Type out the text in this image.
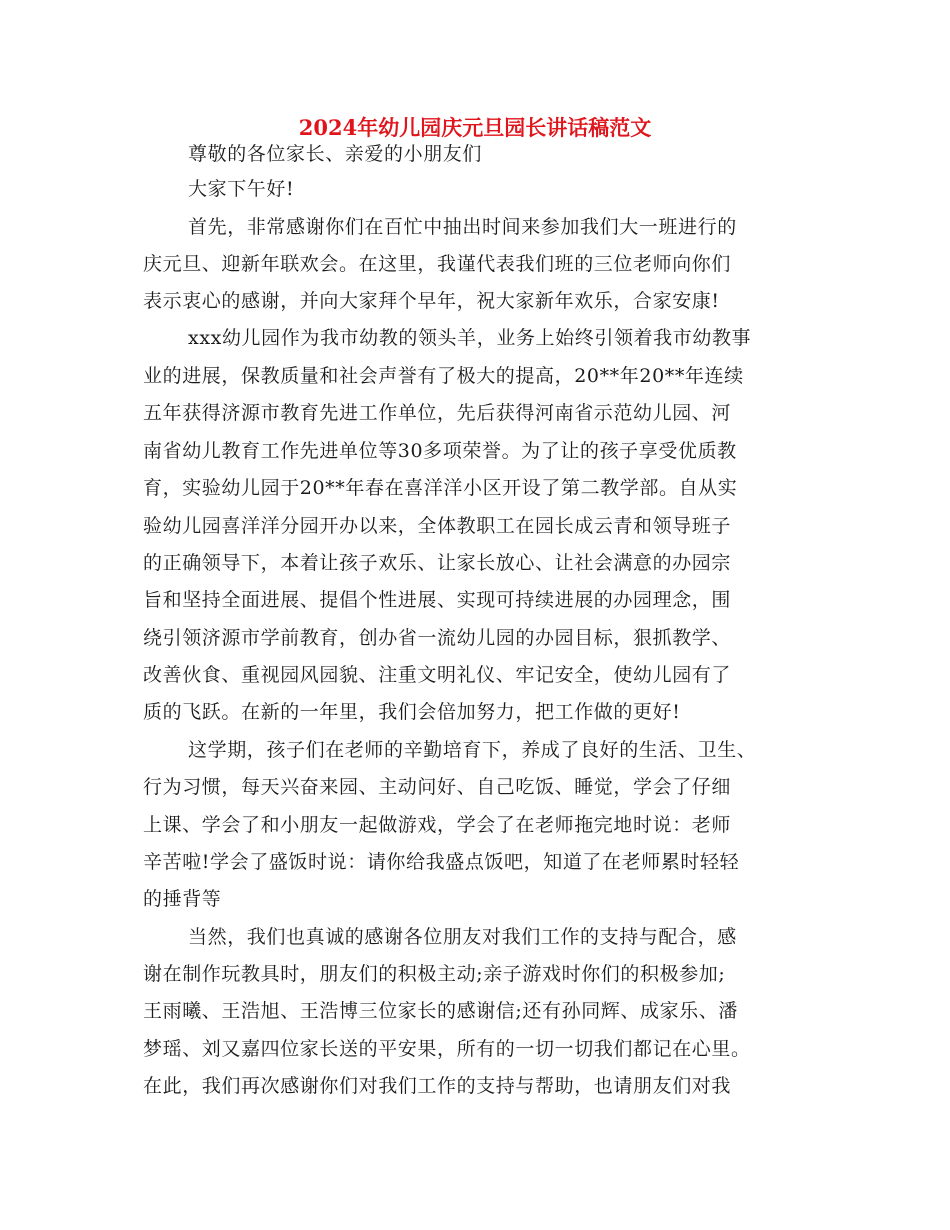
2024年幼儿园庆元旦园长讲话稿范文

尊敬的各位家长、亲爱的小朋友们

大家下午好!

首先，非常感谢你们在百忙中抽出时间来参加我们大一班进行的

庆元旦、迎新年联欢会。在这里，我谨代表我们班的三位老师向你们

表示衷心的感谢，并向大家拜个早年，祝大家新年欢乐，合家安康!

xxx幼儿园作为我市幼教的领头羊，业务上始终引领着我市幼教事

业的进展，保教质量和社会声誉有了极大的提高，20**年20**年连续

五年获得济源市教育先进工作单位，先后获得河南省示范幼儿园、河

南省幼儿教育工作先进单位等30多项荣誉。为了让的孩子享受优质教

育，实验幼儿园于20**年春在喜洋洋小区开设了第二教学部。自从实

验幼儿园喜洋洋分园开办以来，全体教职工在园长成云青和领导班子

的正确领导下，本着让孩子欢乐、让家长放心、让社会满意的办园宗

旨和坚持全面进展、提倡个性进展、实现可持续进展的办园理念，围

绕引领济源市学前教育，创办省一流幼儿园的办园目标，狠抓教学、

改善伙食、重视园风园貌、注重文明礼仪、牢记安全，使幼儿园有了

质的飞跃。在新的一年里，我们会倍加努力，把工作做的更好!

这学期，孩子们在老师的辛勤培育下，养成了良好的生活、卫生、

行为习惯，每天兴奋来园、主动问好、自己吃饭、睡觉，学会了仔细

上课、学会了和小朋友一起做游戏，学会了在老师拖完地时说：老师

辛苦啦!学会了盛饭时说：请你给我盛点饭吧，知道了在老师累时轻轻

的捶背等

当然，我们也真诚的感谢各位朋友对我们工作的支持与配合，感

谢在制作玩教具时，朋友们的积极主动;亲子游戏时你们的积极参加;

王雨曦、王浩旭、王浩博三位家长的感谢信;还有孙同辉、成家乐、潘

梦瑶、刘又嘉四位家长送的平安果，所有的一切一切我们都记在心里。

在此，我们再次感谢你们对我们工作的支持与帮助，也请朋友们对我
